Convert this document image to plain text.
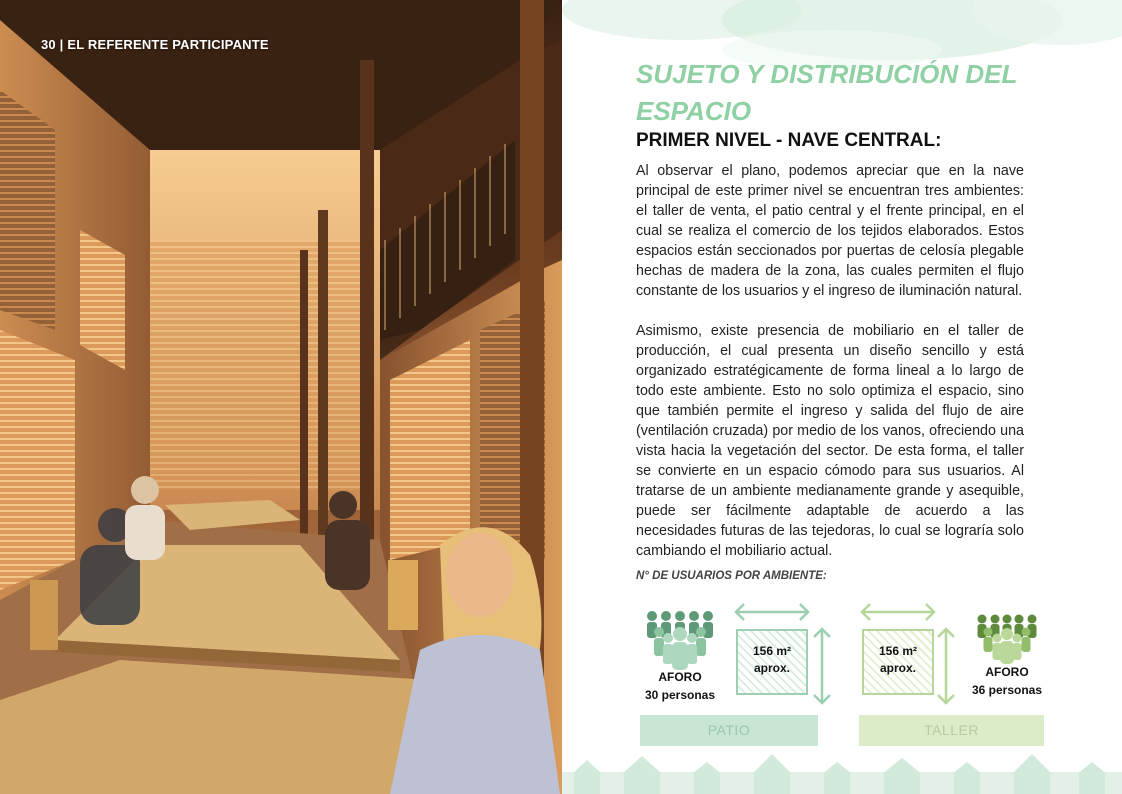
30 | EL REFERENTE PARTICIPANTE
SUJETO Y DISTRIBUCIÓN DEL ESPACIO
PRIMER NIVEL - NAVE CENTRAL:

Al observar el plano, podemos apreciar que en la nave principal de este primer nivel se encuentran tres ambientes: el taller de venta, el patio central y el frente principal, en el cual se realiza el comercio de los tejidos elaborados. Estos espacios están seccionados por puertas de celosía plegable hechas de madera de la zona, las cuales permiten el flujo constante de los usuarios y el ingreso de iluminación natural.

Asimismo, existe presencia de mobiliario en el taller de producción, el cual presenta un diseño sencillo y está organizado estratégicamente de forma lineal a lo largo de todo este ambiente. Esto no solo optimiza el espacio, sino que también permite el ingreso y salida del flujo de aire (ventilación cruzada) por medio de los vanos, ofreciendo una vista hacia la vegetación del sector. De esta forma, el taller se convierte en un espacio cómodo para sus usuarios. Al tratarse de un ambiente medianamente grande y asequible, puede ser fácilmente adaptable de acuerdo a las necesidades futuras de las tejedoras, lo cual se lograría solo cambiando el mobiliario actual.

N° DE USUARIOS POR AMBIENTE:
AFORO
30 personas
156 m²
aprox.
156 m²
aprox.	AFORO
36 personas
PATIO	TALLER
